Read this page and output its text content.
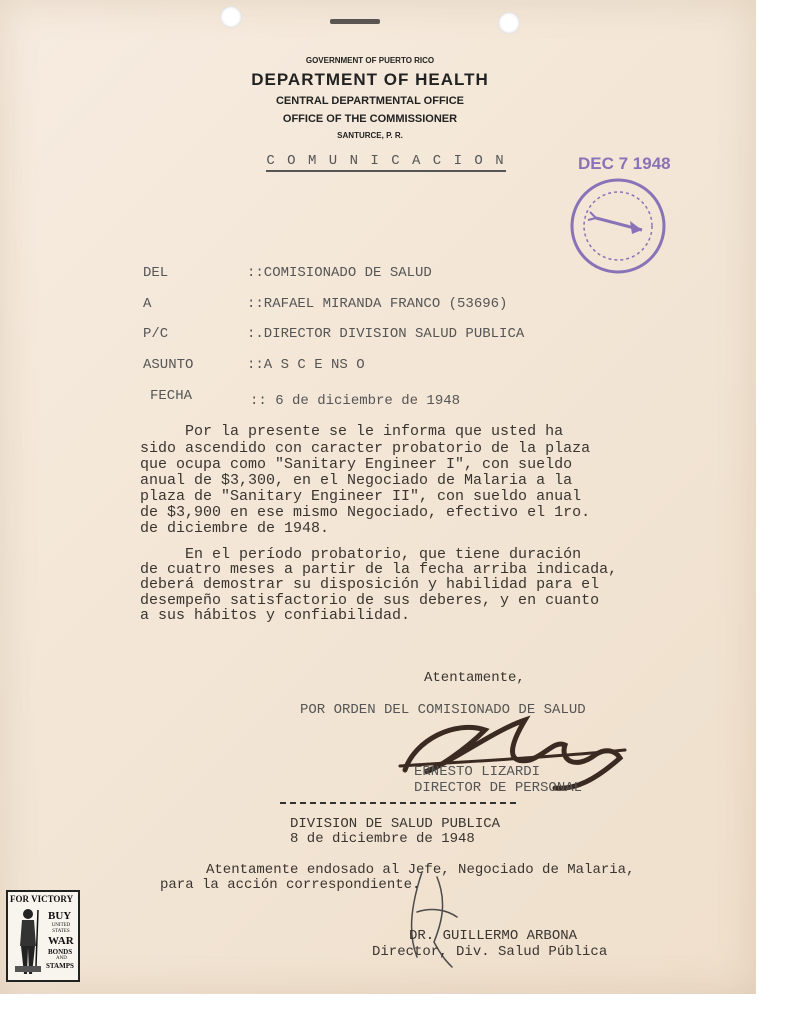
GOVERNMENT OF PUERTO RICO
DEPARTMENT OF HEALTH
CENTRAL DEPARTMENTAL OFFICE
OFFICE OF THE COMMISSIONER
SANTURCE, P. R.
C O M U N I C A C I O N	DEC 7 1948
DEL	::COMISIONADO DE SALUD
A	::RAFAEL MIRANDA FRANCO (53696)
P/C	:.DIRECTOR DIVISION SALUD PUBLICA
ASUNTO	::A S C E NS O
FECHA	:: 6 de diciembre de 1948
Por la presente se le informa que usted ha
sido ascendido con caracter probatorio de la plaza
que ocupa como "Sanitary Engineer I", con sueldo
anual de $3,300, en el Negociado de Malaria a la
plaza de "Sanitary Engineer II", con sueldo anual
de $3,900 en ese mismo Negociado, efectivo el 1ro.
de diciembre de 1948.
En el período probatorio, que tiene duración
de cuatro meses a partir de la fecha arriba indicada,
deberá demostrar su disposición y habilidad para el
desempeño satisfactorio de sus deberes, y en cuanto
a sus hábitos y confiabilidad.
Atentamente,
POR ORDEN DEL COMISIONADO DE SALUD
ERNESTO LIZARDI
DIRECTOR DE PERSONAL
DIVISION DE SALUD PUBLICA
8 de diciembre de 1948
Atentamente endosado al Jefe, Negociado de Malaria,
para la acción correspondiente.
DR. GUILLERMO ARBONA
Director, Div. Salud Pública
FOR VICTORY
BUY
UNITED STATES
WAR
BONDS
AND
STAMPS
